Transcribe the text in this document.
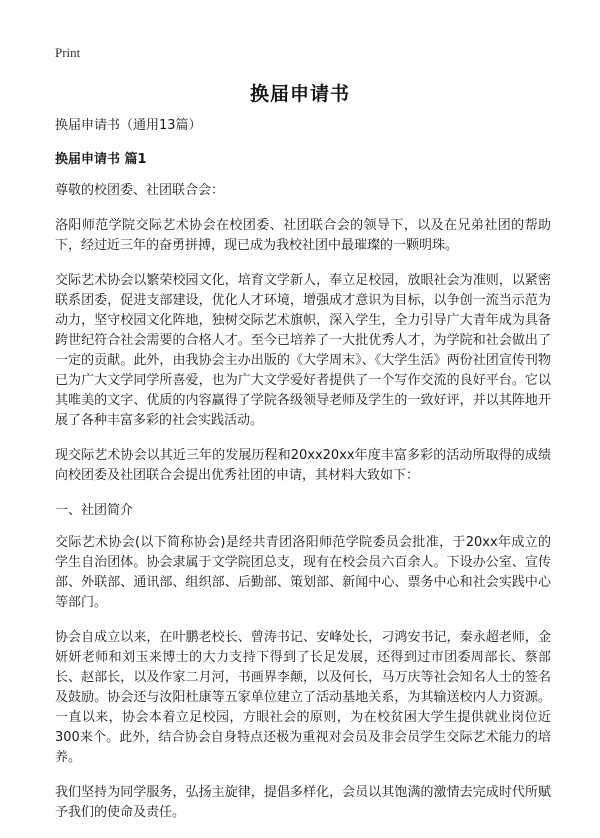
Print
换届申请书

换届申请书（通用13篇）

换届申请书 篇1

尊敬的校团委、社团联合会：

洛阳师范学院交际艺术协会在校团委、社团联合会的领导下，以及在兄弟社团的帮助下，经过近三年的奋勇拼搏，现已成为我校社团中最璀璨的一颗明珠。

交际艺术协会以繁荣校园文化，培育文学新人，奉立足校园，放眼社会为准则，以紧密联系团委，促进支部建设，优化人才环境，增强成才意识为目标，以争创一流当示范为动力，坚守校园文化阵地，独树交际艺术旗帜，深入学生，全力引导广大青年成为具备跨世纪符合社会需要的合格人才。至今已培养了一大批优秀人才，为学院和社会做出了一定的贡献。此外，由我协会主办出版的《大学周末》、《大学生活》两份社团宣传刊物已为广大文学同学所喜爱，也为广大文学爱好者提供了一个写作交流的良好平台。它以其唯美的文字、优质的内容赢得了学院各级领导老师及学生的一致好评，并以其阵地开展了各种丰富多彩的社会实践活动。

现交际艺术协会以其近三年的发展历程和20xx20xx年度丰富多彩的活动所取得的成绩向校团委及社团联合会提出优秀社团的申请，其材料大致如下：

一、社团简介

交际艺术协会(以下简称协会)是经共青团洛阳师范学院委员会批准，于20xx年成立的学生自治团体。协会隶属于文学院团总支，现有在校会员六百余人。下设办公室、宣传部、外联部、通讯部、组织部、后勤部、策划部、新闻中心、票务中心和社会实践中心等部门。

协会自成立以来，在叶鹏老校长、曾涛书记、安峰处长，刁鸿安书记，秦永超老师，金妍妍老师和刘玉来博士的大力支持下得到了长足发展，还得到过市团委周部长、蔡部长、赵部长，以及作家二月河，书画界李颠，以及何长，马万庆等社会知名人士的签名及鼓励。协会还与汝阳杜康等五家单位建立了活动基地关系，为其输送校内人力资源。一直以来，协会本着立足校园，方眼社会的原则，为在校贫困大学生提供就业岗位近300来个。此外，结合协会自身特点还极为重视对会员及非会员学生交际艺术能力的培养。

我们坚持为同学服务，弘扬主旋律，提倡多样化，会员以其饱满的激情去完成时代所赋予我们的使命及责任。
